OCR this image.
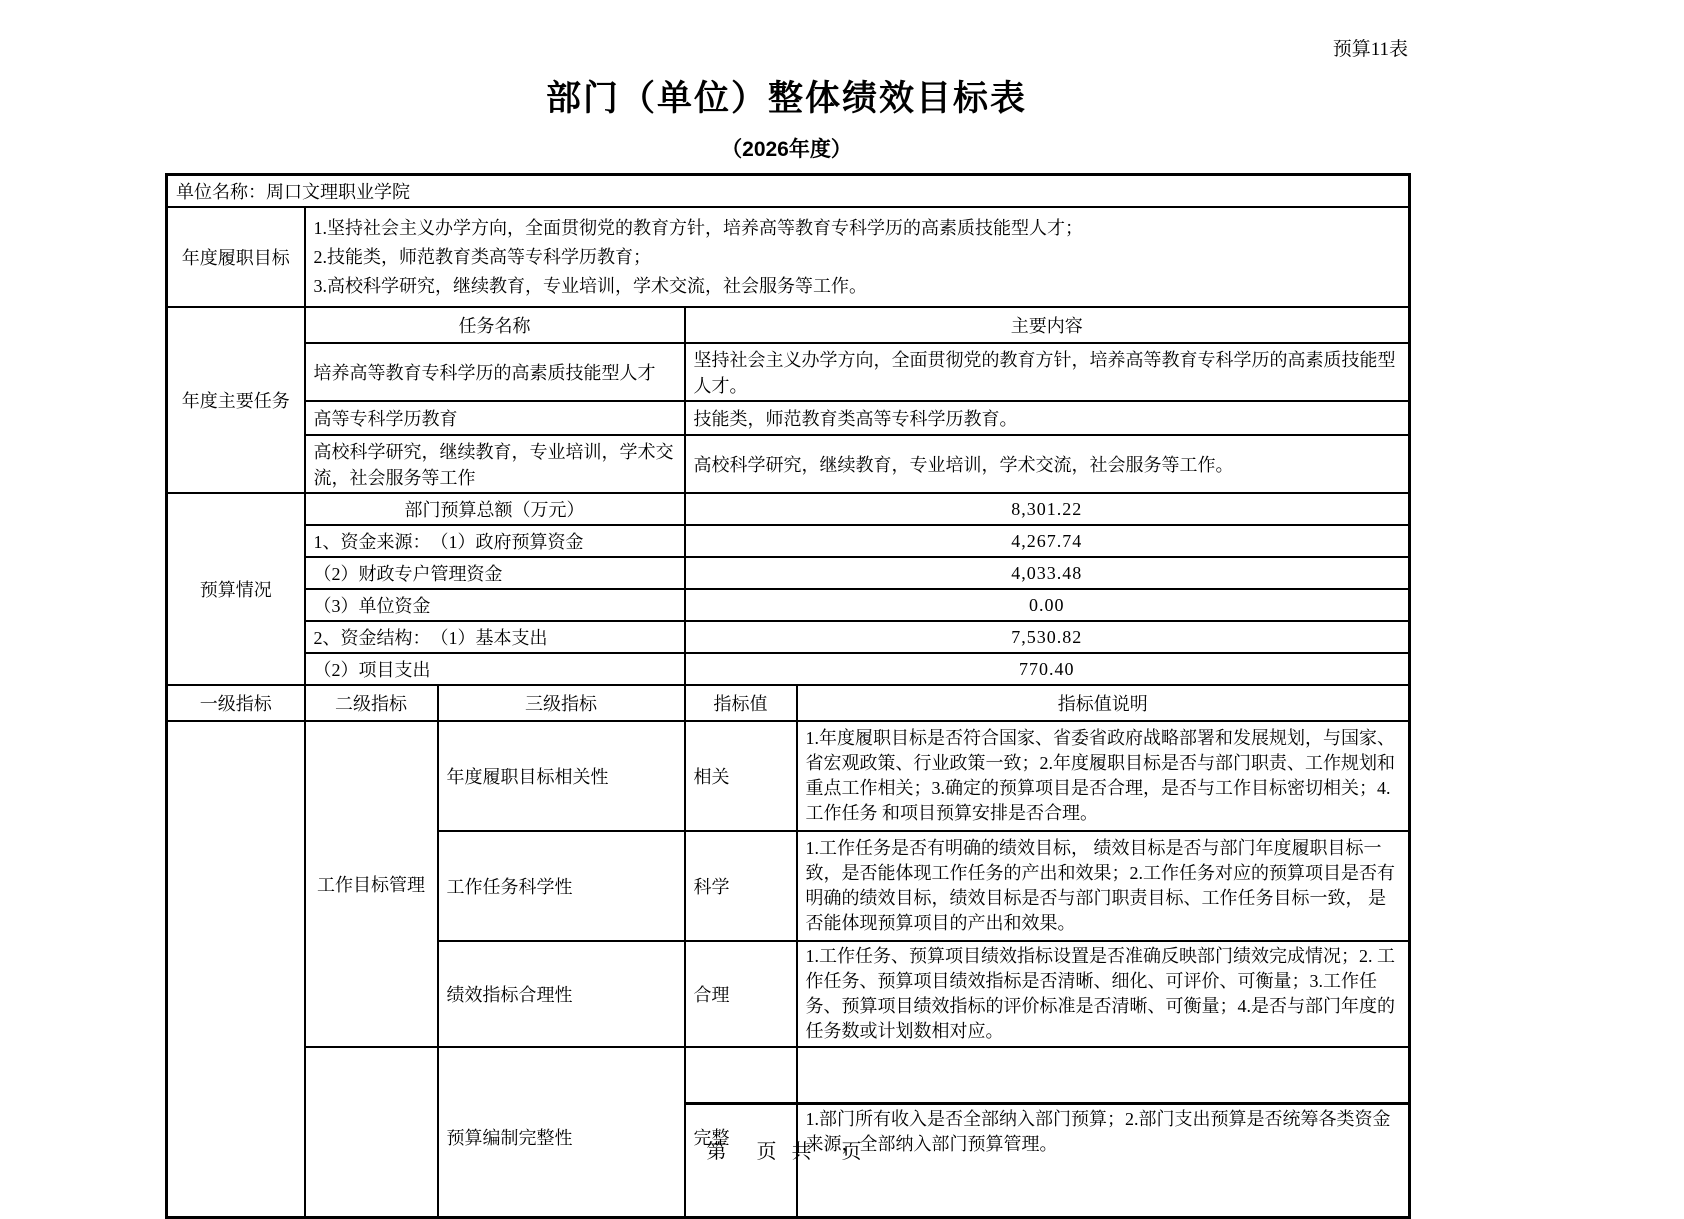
预算11表
部门（单位）整体绩效目标表
（2026年度）
单位名称：周口文理职业学院				
年度履职目标	1.坚持社会主义办学方向，全面贯彻党的教育方针，培养高等教育专科学历的高素质技能型人才；
2.技能类，师范教育类高等专科学历教育；
3.高校科学研究，继续教育，专业培训，学术交流，社会服务等工作。			

年度主要任务	任务名称		主要内容	
	培养高等教育专科学历的高素质技能型人才		坚持社会主义办学方向，全面贯彻党的教育方针，培养高等教育专科学历的高素质技能型人才。	
	高等专科学历教育		技能类，师范教育类高等专科学历教育。	
	高校科学研究，继续教育，专业培训，学术交流，社会服务等工作		高校科学研究，继续教育，专业培训，学术交流，社会服务等工作。	
预算情况	部门预算总额（万元）		8,301.22	
	1、资金来源：　（1）政府预算资金		4,267.74	
	（2）财政专户管理资金		4,033.48	
	（3）单位资金		0.00	
	2、资金结构：　（1）基本支出		7,530.82	
	（2）项目支出		770.40	
一级指标	二级指标	三级指标	指标值	指标值说明
	工作目标管理	年度履职目标相关性	相关	1.年度履职目标是否符合国家、省委省政府战略部署和发展规划，与国家、省宏观政策、行业政策一致；2.年度履职目标是否与部门职责、工作规划和重点工作相关；3.确定的预算项目是否合理，是否与工作目标密切相关；4.工作任务 和项目预算安排是否合理。
		工作任务科学性	科学	1.工作任务是否有明确的绩效目标， 绩效目标是否与部门年度履职目标一致，是否能体现工作任务的产出和效果；2.工作任务对应的预算项目是否有明确的绩效目标，绩效目标是否与部门职责目标、工作任务目标一致， 是否能体现预算项目的产出和效果。
		绩效指标合理性	合理	1.工作任务、预算项目绩效指标设置是否准确反映部门绩效完成情况；2. 工作任务、预算项目绩效指标是否清晰、细化、可评价、可衡量；3.工作任务、预算项目绩效指标的评价标准是否清晰、可衡量；4.是否与部门年度的任务数或计划数相对应。

		预算编制完整性	完整	1.部门所有收入是否全部纳入部门预算；2.部门支出预算是否统筹各类资金来源，全部纳入部门预算管理。
第　页 共　页
